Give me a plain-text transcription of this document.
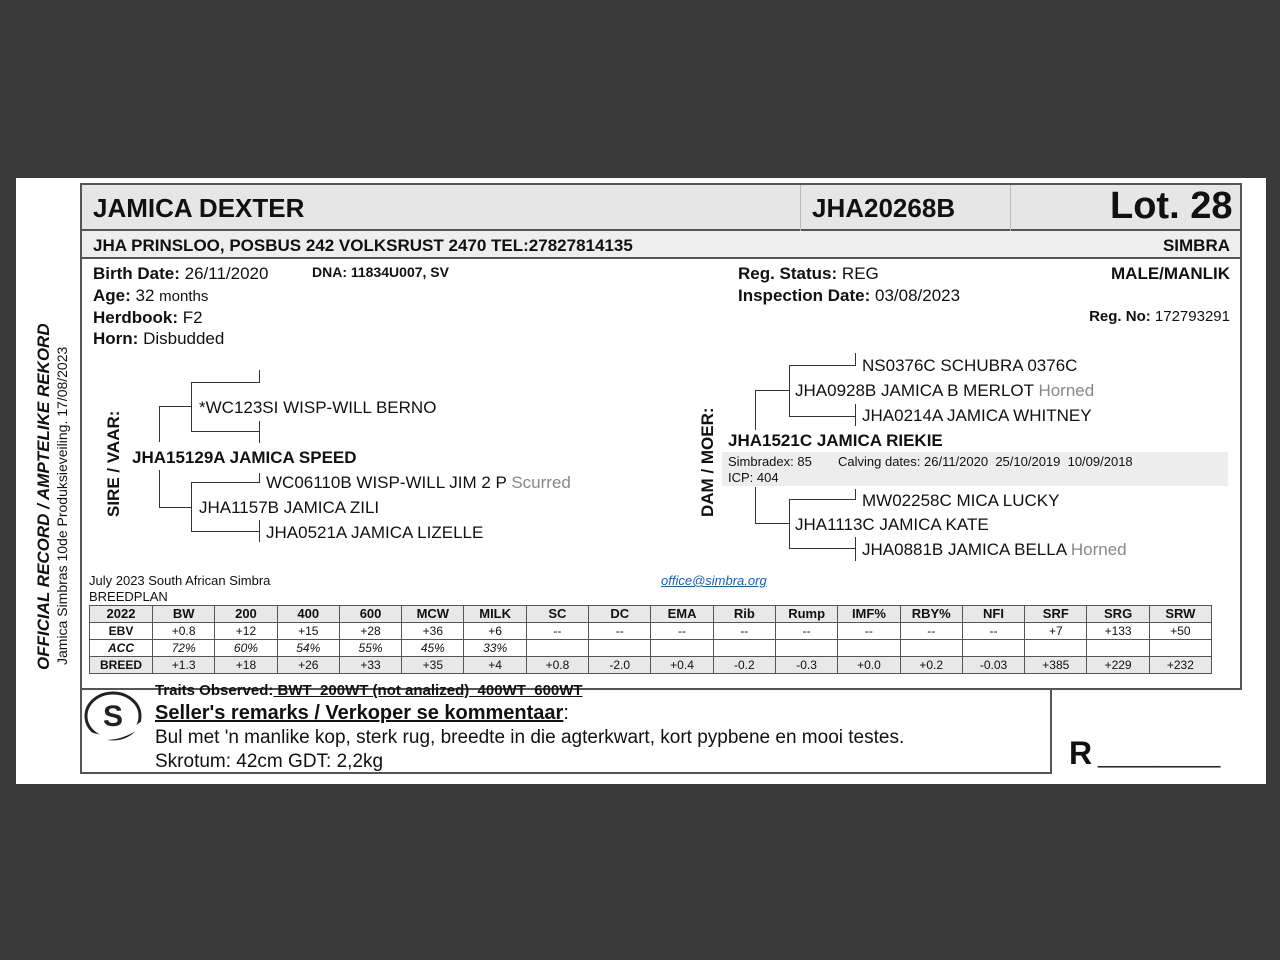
OFFICIAL RECORD / AMPTELIKE REKORD Jamica Simbras 10de Produksieveiling. 17/08/2023
JAMICA DEXTER	JHA20268B	Lot. 28
JHA PRINSLOO, POSBUS 242 VOLKSRUST 2470 TEL:27827814135	SIMBRA
Birth Date: 26/11/2020	DNA: 11834U007, SV
Age: 32 months
Herdbook: F2
Horn: Disbudded
Reg. Status: REG
Inspection Date: 03/08/2023
MALE/MANLIK
Reg. No: 172793291
SIRE / VAAR:
*WC123SI WISP-WILL BERNO
JHA15129A JAMICA SPEED
WC06110B WISP-WILL JIM 2 P Scurred
JHA1157B JAMICA ZILI
JHA0521A JAMICA LIZELLE
DAM / MOER:
NS0376C SCHUBRA 0376C
JHA0928B JAMICA B MERLOT Horned
JHA0214A JAMICA WHITNEY
JHA1521C JAMICA RIEKIE
Simbradex: 85 Calving dates: 26/11/2020  25/10/2019  10/09/2018
ICP: 404
MW02258C MICA LUCKY
JHA1113C JAMICA KATE
JHA0881B JAMICA BELLA Horned
July 2023 South African Simbra
BREEDPLAN
office@simbra.org
2022	BW	200	400	600	MCW	MILK	SC	DC	EMA	Rib	Rump	IMF%	RBY%	NFI	SRF	SRG	SRW
EBV	+0.8	+12	+15	+28	+36	+6	--	--	--	--	--	--	--	--	+7	+133	+50
ACC	72%	60%	54%	55%	45%	33%											
BREED	+1.3	+18	+26	+33	+35	+4	+0.8	-2.0	+0.4	-0.2	-0.3	+0.0	+0.2	-0.03	+385	+229	+232
S
Traits Observed: BWT  200WT (not analized)  400WT  600WT
Seller's remarks / Verkoper se kommentaar:
Bul met 'n manlike kop, sterk rug, breedte in die agterkwart, kort pypbene en mooi testes.
Skrotum: 42cm GDT: 2,2kg	R __________
